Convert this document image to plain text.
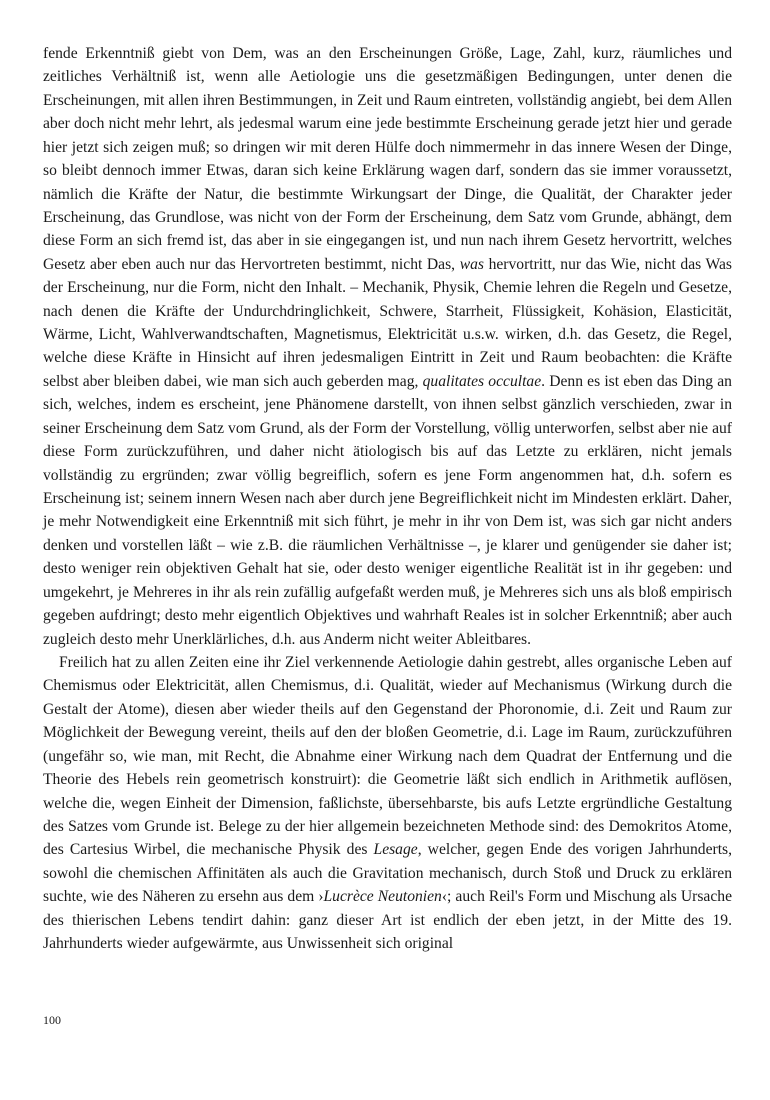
fende Erkenntniß giebt von Dem, was an den Erscheinungen Größe, Lage, Zahl, kurz, räumliches und zeitliches Verhältniß ist, wenn alle Aetiologie uns die gesetzmäßigen Bedingungen, unter denen die Erscheinungen, mit allen ihren Bestimmungen, in Zeit und Raum eintreten, vollständig angiebt, bei dem Allen aber doch nicht mehr lehrt, als jedesmal warum eine jede bestimmte Erscheinung gerade jetzt hier und gerade hier jetzt sich zeigen muß; so dringen wir mit deren Hülfe doch nimmermehr in das innere Wesen der Dinge, so bleibt dennoch immer Etwas, daran sich keine Erklärung wagen darf, sondern das sie immer voraussetzt, nämlich die Kräfte der Natur, die bestimmte Wirkungsart der Dinge, die Qualität, der Charakter jeder Erscheinung, das Grundlose, was nicht von der Form der Erscheinung, dem Satz vom Grunde, abhängt, dem diese Form an sich fremd ist, das aber in sie eingegangen ist, und nun nach ihrem Gesetz hervortritt, welches Gesetz aber eben auch nur das Hervortreten bestimmt, nicht Das, was hervortritt, nur das Wie, nicht das Was der Erscheinung, nur die Form, nicht den Inhalt. – Mechanik, Physik, Chemie lehren die Regeln und Gesetze, nach denen die Kräfte der Undurchdringlichkeit, Schwere, Starrheit, Flüssigkeit, Kohäsion, Elasticität, Wärme, Licht, Wahlverwandtschaften, Magnetismus, Elektricität u.s.w. wirken, d.h. das Gesetz, die Regel, welche diese Kräfte in Hinsicht auf ihren jedesmaligen Eintritt in Zeit und Raum beobachten: die Kräfte selbst aber bleiben dabei, wie man sich auch geberden mag, qualitates occultae. Denn es ist eben das Ding an sich, welches, indem es erscheint, jene Phänomene darstellt, von ihnen selbst gänzlich verschieden, zwar in seiner Erscheinung dem Satz vom Grund, als der Form der Vorstellung, völlig unterworfen, selbst aber nie auf diese Form zurückzuführen, und daher nicht ätiologisch bis auf das Letzte zu erklären, nicht jemals vollständig zu ergründen; zwar völlig begreiflich, sofern es jene Form angenommen hat, d.h. sofern es Erscheinung ist; seinem innern Wesen nach aber durch jene Begreiflichkeit nicht im Mindesten erklärt. Daher, je mehr Notwendigkeit eine Erkenntniß mit sich führt, je mehr in ihr von Dem ist, was sich gar nicht anders denken und vorstellen läßt – wie z.B. die räumlichen Verhältnisse –, je klarer und genügender sie daher ist; desto weniger rein objektiven Gehalt hat sie, oder desto weniger eigentliche Realität ist in ihr gegeben: und umgekehrt, je Mehreres in ihr als rein zufällig aufgefaßt werden muß, je Mehreres sich uns als bloß empirisch gegeben aufdringt; desto mehr eigentlich Objektives und wahrhaft Reales ist in solcher Erkenntniß; aber auch zugleich desto mehr Unerklärliches, d.h. aus Anderm nicht weiter Ableitbares.

Freilich hat zu allen Zeiten eine ihr Ziel verkennende Aetiologie dahin gestrebt, alles organische Leben auf Chemismus oder Elektricität, allen Chemismus, d.i. Qualität, wieder auf Mechanismus (Wirkung durch die Gestalt der Atome), diesen aber wieder theils auf den Gegenstand der Phoronomie, d.i. Zeit und Raum zur Möglichkeit der Bewegung vereint, theils auf den der bloßen Geometrie, d.i. Lage im Raum, zurückzuführen (ungefähr so, wie man, mit Recht, die Abnahme einer Wirkung nach dem Quadrat der Entfernung und die Theorie des Hebels rein geometrisch konstruirt): die Geometrie läßt sich endlich in Arithmetik auflösen, welche die, wegen Einheit der Dimension, faßlichste, übersehbarste, bis aufs Letzte ergründliche Gestaltung des Satzes vom Grunde ist. Belege zu der hier allgemein bezeichneten Methode sind: des Demokritos Atome, des Cartesius Wirbel, die mechanische Physik des Lesage, welcher, gegen Ende des vorigen Jahrhunderts, sowohl die chemischen Affinitäten als auch die Gravitation mechanisch, durch Stoß und Druck zu erklären suchte, wie des Näheren zu ersehn aus dem ›Lucrèce Neutonien‹; auch Reil's Form und Mischung als Ursache des thierischen Lebens tendirt dahin: ganz dieser Art ist endlich der eben jetzt, in der Mitte des 19. Jahrhunderts wieder aufgewärmte, aus Unwissenheit sich original

100
